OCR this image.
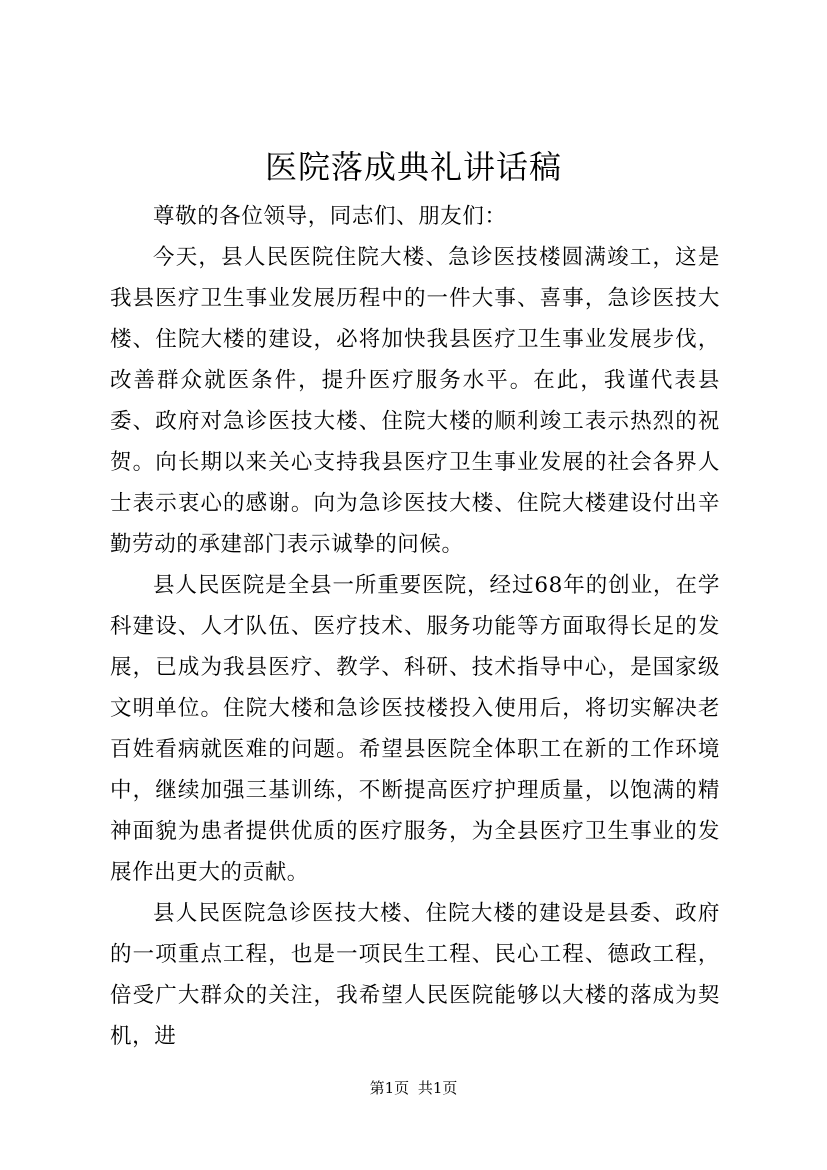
医院落成典礼讲话稿

尊敬的各位领导，同志们、朋友们：

今天，县人民医院住院大楼、急诊医技楼圆满竣工，这是我县医疗卫生事业发展历程中的一件大事、喜事，急诊医技大楼、住院大楼的建设，必将加快我县医疗卫生事业发展步伐，改善群众就医条件，提升医疗服务水平。在此，我谨代表县委、政府对急诊医技大楼、住院大楼的顺利竣工表示热烈的祝贺。向长期以来关心支持我县医疗卫生事业发展的社会各界人士表示衷心的感谢。向为急诊医技大楼、住院大楼建设付出辛勤劳动的承建部门表示诚挚的问候。

县人民医院是全县一所重要医院，经过68年的创业，在学科建设、人才队伍、医疗技术、服务功能等方面取得长足的发展，已成为我县医疗、教学、科研、技术指导中心，是国家级文明单位。住院大楼和急诊医技楼投入使用后，将切实解决老百姓看病就医难的问题。希望县医院全体职工在新的工作环境中，继续加强三基训练，不断提高医疗护理质量，以饱满的精神面貌为患者提供优质的医疗服务，为全县医疗卫生事业的发展作出更大的贡献。

县人民医院急诊医技大楼、住院大楼的建设是县委、政府的一项重点工程，也是一项民生工程、民心工程、德政工程，倍受广大群众的关注，我希望人民医院能够以大楼的落成为契机，进

第1页 共1页
